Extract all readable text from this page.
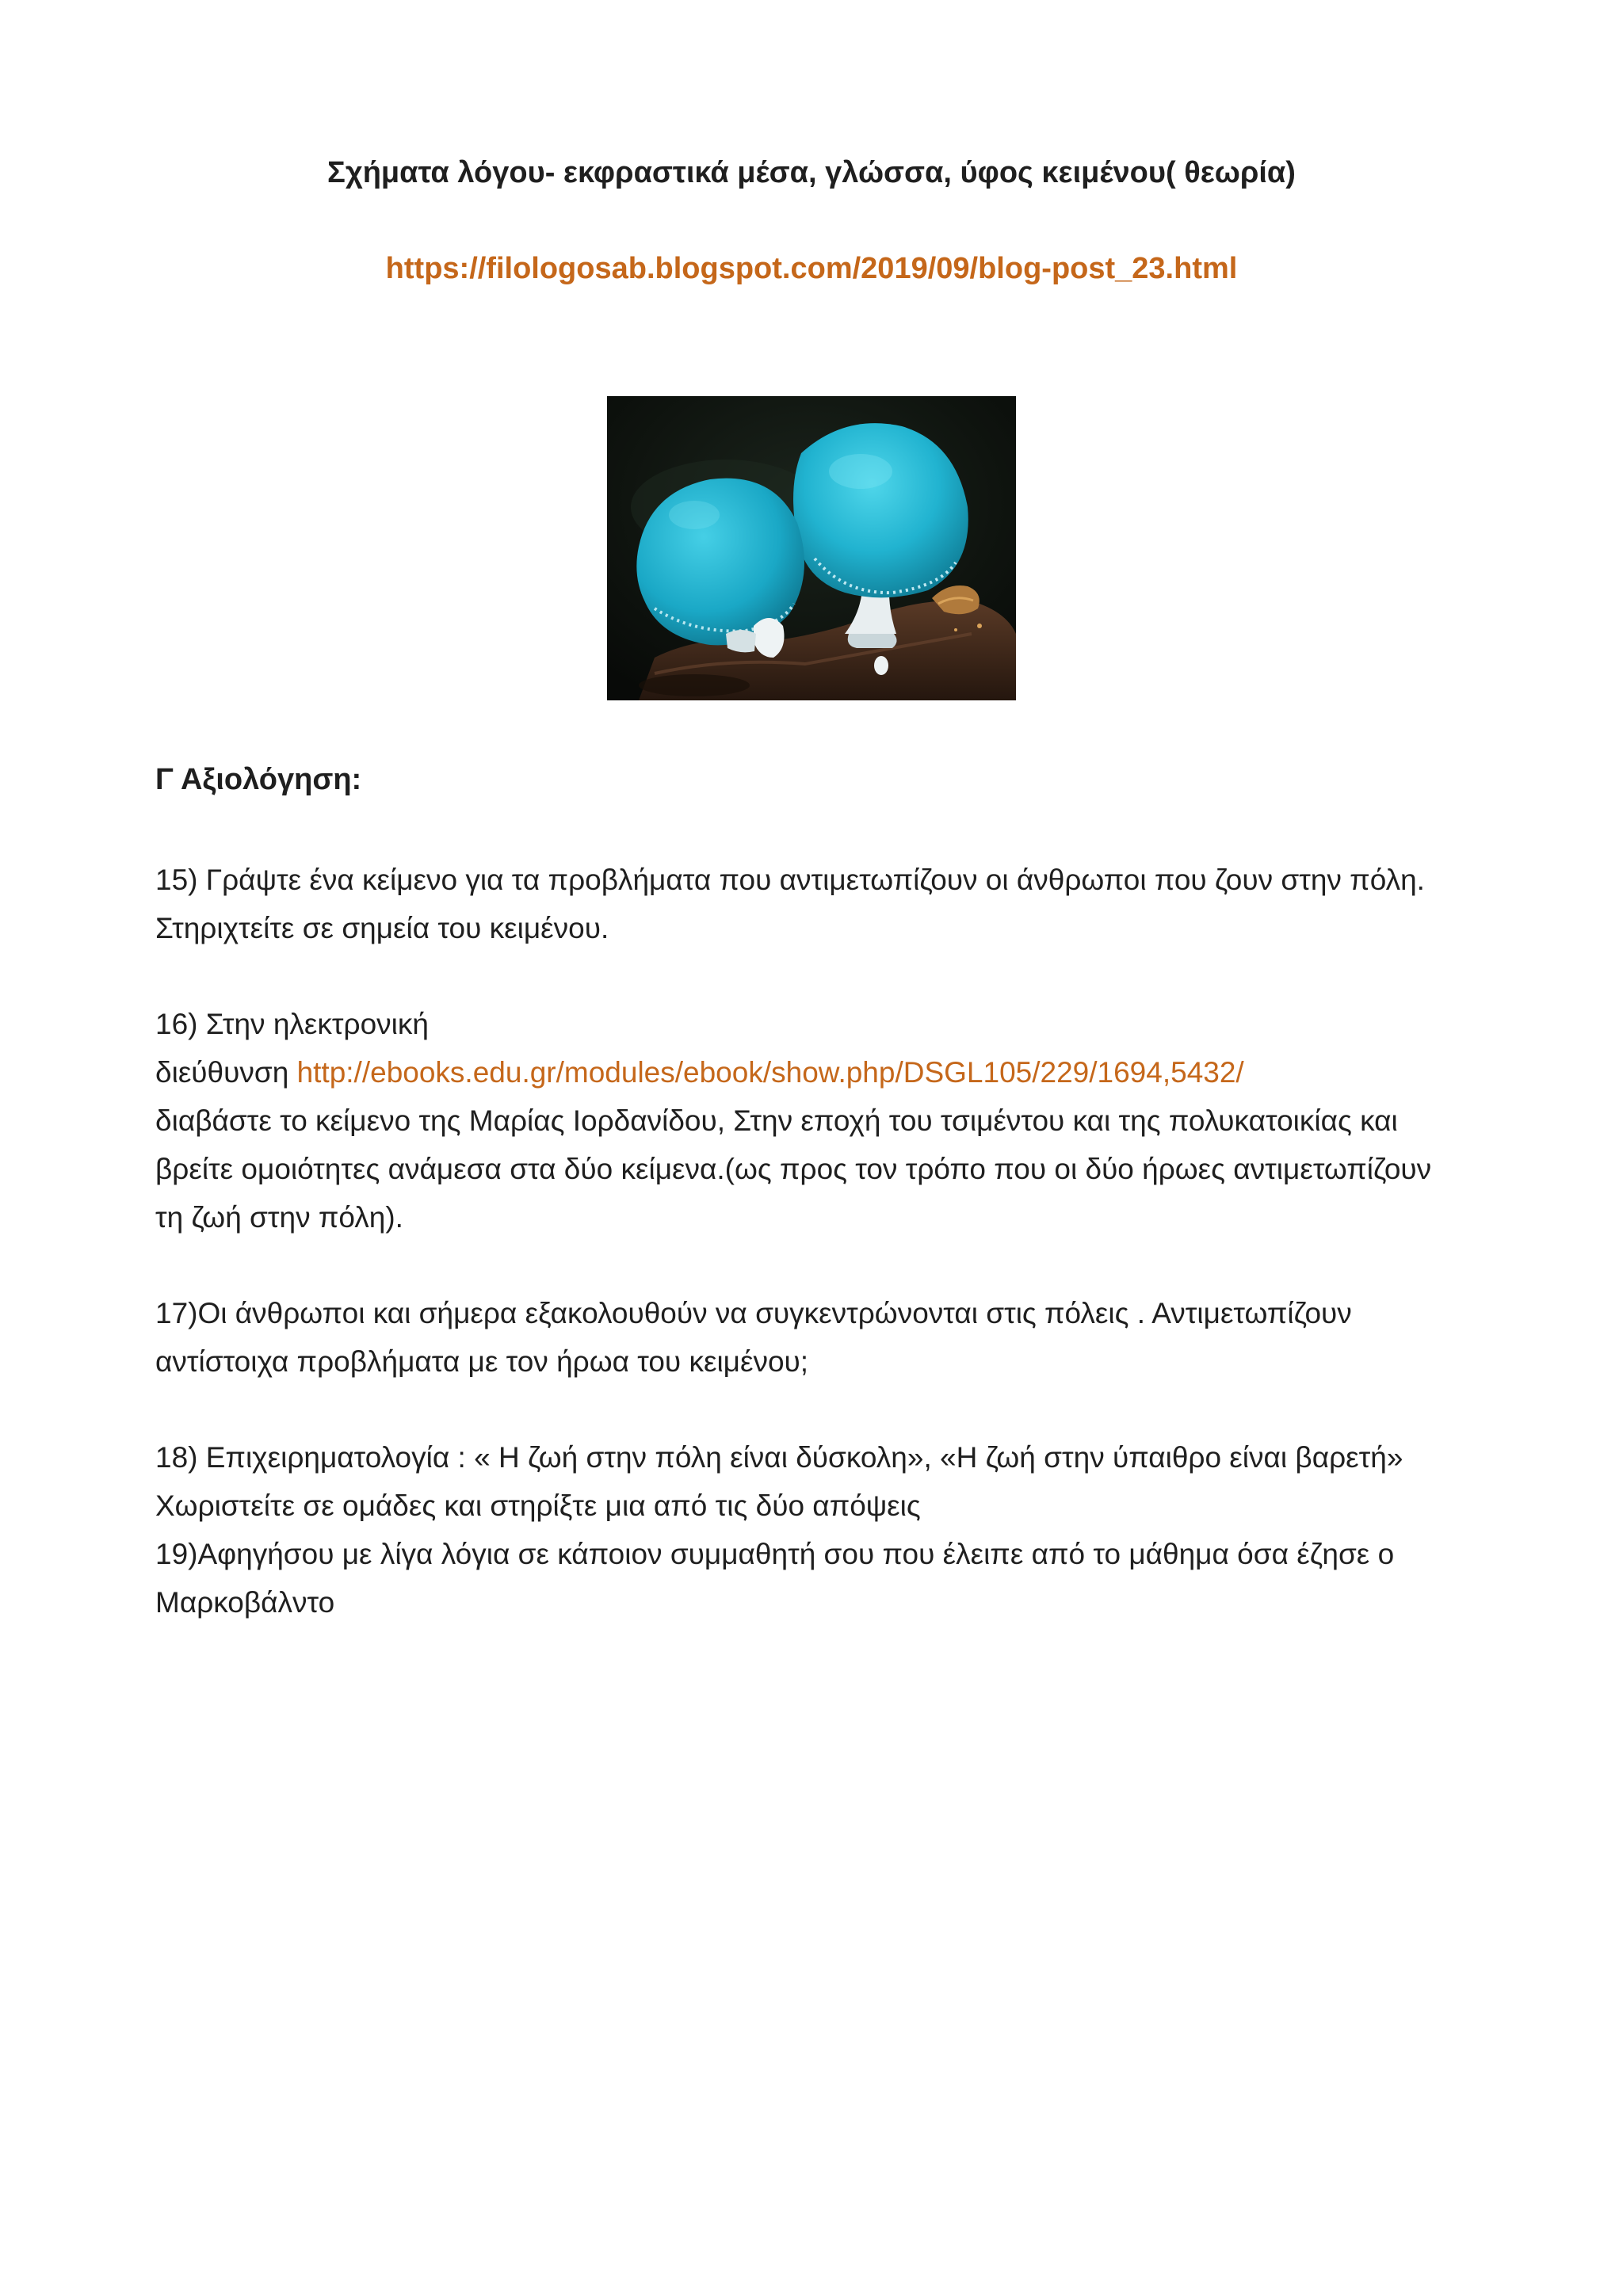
Σχήματα λόγου- εκφραστικά μέσα, γλώσσα, ύφος κειμένου( θεωρία)
https://filologosab.blogspot.com/2019/09/blog-post_23.html
Γ Αξιολόγηση:
15) Γράψτε ένα κείμενο για τα προβλήματα που αντιμετωπίζουν οι άνθρωποι που ζουν στην πόλη.
Στηριχτείτε σε σημεία του κειμένου.
16) Στην ηλεκτρονική
διεύθυνση http://ebooks.edu.gr/modules/ebook/show.php/DSGL105/229/1694,5432/
διαβάστε το κείμενο της Μαρίας Ιορδανίδου, Στην εποχή του τσιμέντου και της πολυκατοικίας και
βρείτε ομοιότητες ανάμεσα στα δύο κείμενα.(ως προς τον τρόπο που οι δύο ήρωες αντιμετωπίζουν
τη ζωή στην πόλη).
17)Οι άνθρωποι και σήμερα εξακολουθούν να συγκεντρώνονται στις πόλεις . Αντιμετωπίζουν
αντίστοιχα προβλήματα με τον ήρωα του κειμένου;
18) Επιχειρηματολογία : « Η ζωή στην πόλη είναι δύσκολη», «Η ζωή στην ύπαιθρο είναι βαρετή»
Χωριστείτε σε ομάδες και στηρίξτε μια από τις δύο απόψεις
19)Αφηγήσου με λίγα λόγια σε κάποιον συμμαθητή σου που έλειπε από το μάθημα όσα έζησε ο
Μαρκοβάλντο
